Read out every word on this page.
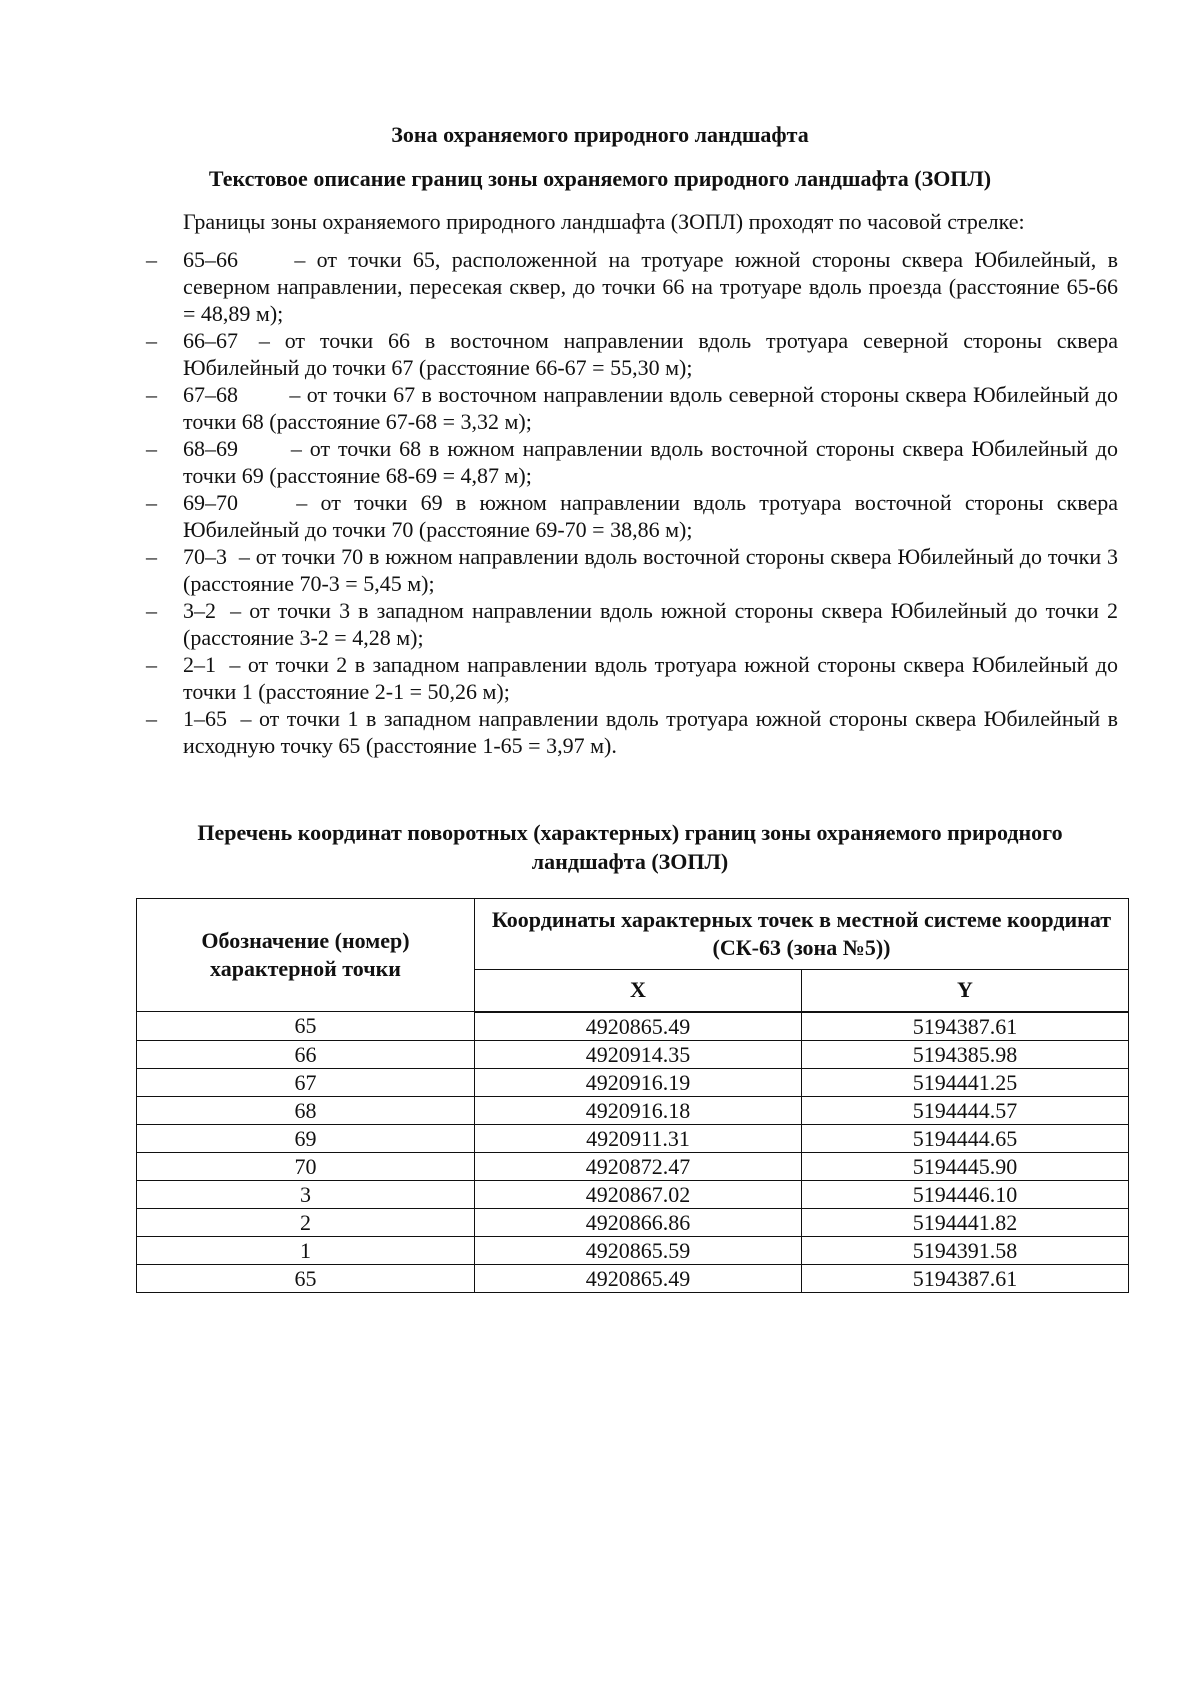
Зона охраняемого природного ландшафта
Текстовое описание границ зоны охраняемого природного ландшафта (ЗОПЛ)

Границы зоны охраняемого природного ландшафта (ЗОПЛ) проходят по часовой стрелке:

– 65–66	– от точки 65, расположенной на тротуаре южной стороны сквера Юбилейный, в северном направлении, пересекая сквер, до точки 66 на тротуаре вдоль проезда (расстояние 65-66 = 48,89 м);
– 66–67 – от точки 66 в восточном направлении вдоль тротуара северной стороны сквера Юбилейный до точки 67 (расстояние 66-67 = 55,30 м);
– 67–68 – от точки 67 в восточном направлении вдоль северной стороны сквера Юбилейный до точки 68 (расстояние 67-68 = 3,32 м);
– 68–69 – от точки 68 в южном направлении вдоль восточной стороны сквера Юбилейный до точки 69 (расстояние 68-69 = 4,87 м);
– 69–70	– от точки 69 в южном направлении вдоль тротуара восточной стороны сквера Юбилейный до точки 70 (расстояние 69-70 = 38,86 м);
– 70–3 – от точки 70 в южном направлении вдоль восточной стороны сквера Юбилейный до точки 3 (расстояние 70-3 = 5,45 м);
– 3–2 – от точки 3 в западном направлении вдоль южной стороны сквера Юбилейный до точки 2 (расстояние 3-2 = 4,28 м);
– 2–1 – от точки 2 в западном направлении вдоль тротуара южной стороны сквера Юбилейный до точки 1 (расстояние 2-1 = 50,26 м);
– 1–65 – от точки 1 в западном направлении вдоль тротуара южной стороны сквера Юбилейный в исходную точку 65 (расстояние 1-65 = 3,97 м).
Перечень координат поворотных (характерных) границ зоны охраняемого природного ландшафта (ЗОПЛ)
Обозначение (номер) характерной точки	Координаты характерных точек в местной системе координат (СК-63 (зона №5))	
	X	Y
65	4920865.49	5194387.61
66	4920914.35	5194385.98
67	4920916.19	5194441.25
68	4920916.18	5194444.57
69	4920911.31	5194444.65
70	4920872.47	5194445.90
3	4920867.02	5194446.10
2	4920866.86	5194441.82
1	4920865.59	5194391.58
65	4920865.49	5194387.61
